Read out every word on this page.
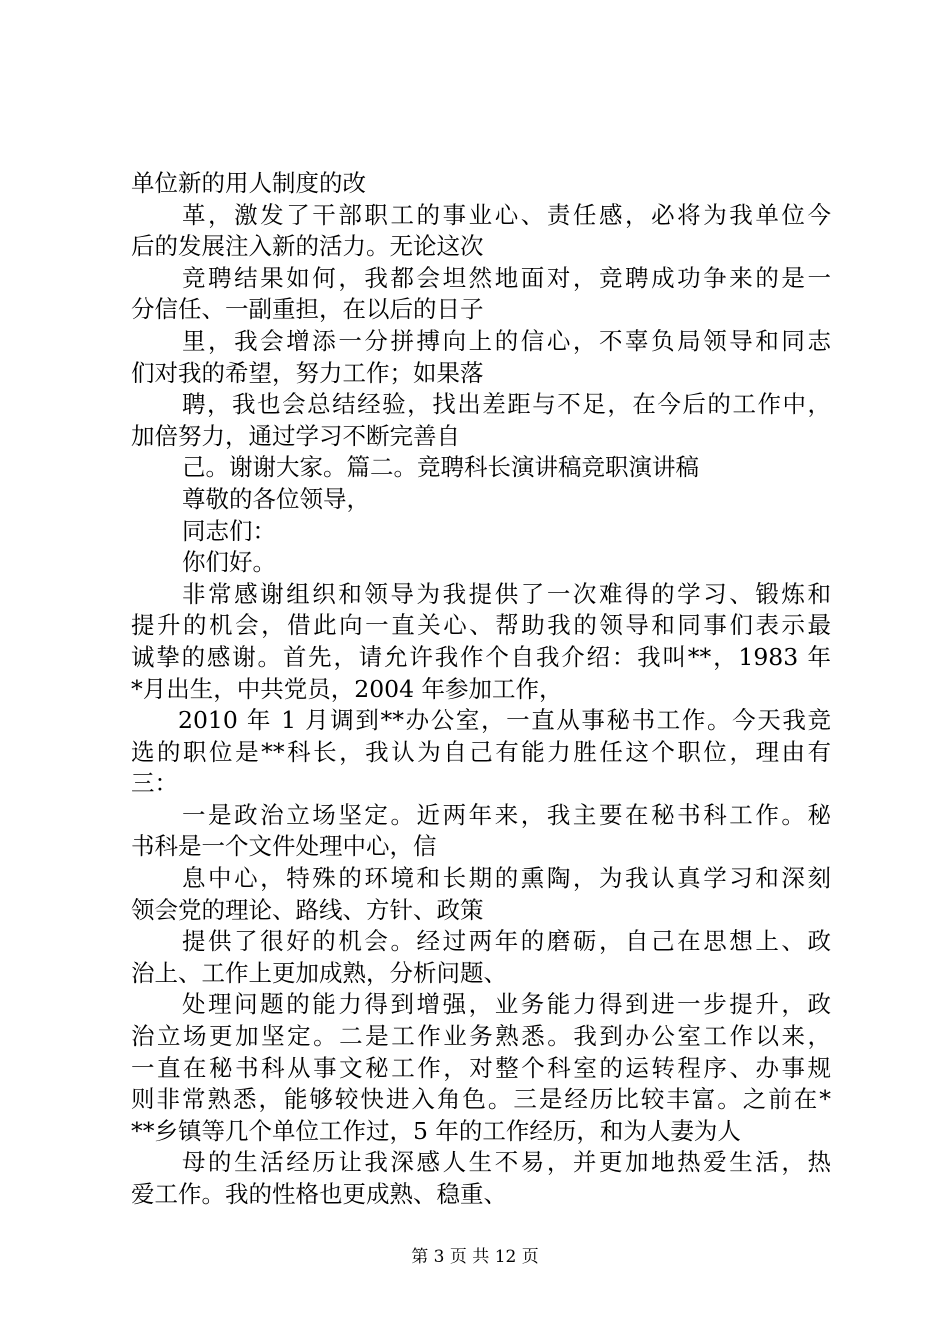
单位新的用人制度的改
革，激发了干部职工的事业心、责任感，必将为我单位今
后的发展注入新的活力。无论这次
竞聘结果如何，我都会坦然地面对，竞聘成功争来的是一
分信任、一副重担，在以后的日子
里，我会增添一分拼搏向上的信心，不辜负局领导和同志
们对我的希望，努力工作；如果落
聘，我也会总结经验，找出差距与不足，在今后的工作中，
加倍努力，通过学习不断完善自
己。谢谢大家。篇二。竞聘科长演讲稿竞职演讲稿
尊敬的各位领导，
同志们：
你们好。
非常感谢组织和领导为我提供了一次难得的学习、锻炼和
提升的机会，借此向一直关心、帮助我的领导和同事们表示最
诚挚的感谢。首先，请允许我作个自我介绍：我叫**，1983 年
*月出生，中共党员，2004 年参加工作，
2010 年 1 月调到**办公室，一直从事秘书工作。今天我竞
选的职位是**科长，我认为自己有能力胜任这个职位，理由有
三：
一是政治立场坚定。近两年来，我主要在秘书科工作。秘
书科是一个文件处理中心，信
息中心，特殊的环境和长期的熏陶，为我认真学习和深刻
领会党的理论、路线、方针、政策
提供了很好的机会。经过两年的磨砺，自己在思想上、政
治上、工作上更加成熟，分析问题、
处理问题的能力得到增强，业务能力得到进一步提升，政
治立场更加坚定。二是工作业务熟悉。我到办公室工作以来，
一直在秘书科从事文秘工作，对整个科室的运转程序、办事规
则非常熟悉，能够较快进入角色。三是经历比较丰富。之前在*
**乡镇等几个单位工作过，5 年的工作经历，和为人妻为人
母的生活经历让我深感人生不易，并更加地热爱生活，热
爱工作。我的性格也更成熟、稳重、
第 3 页 共 12 页
